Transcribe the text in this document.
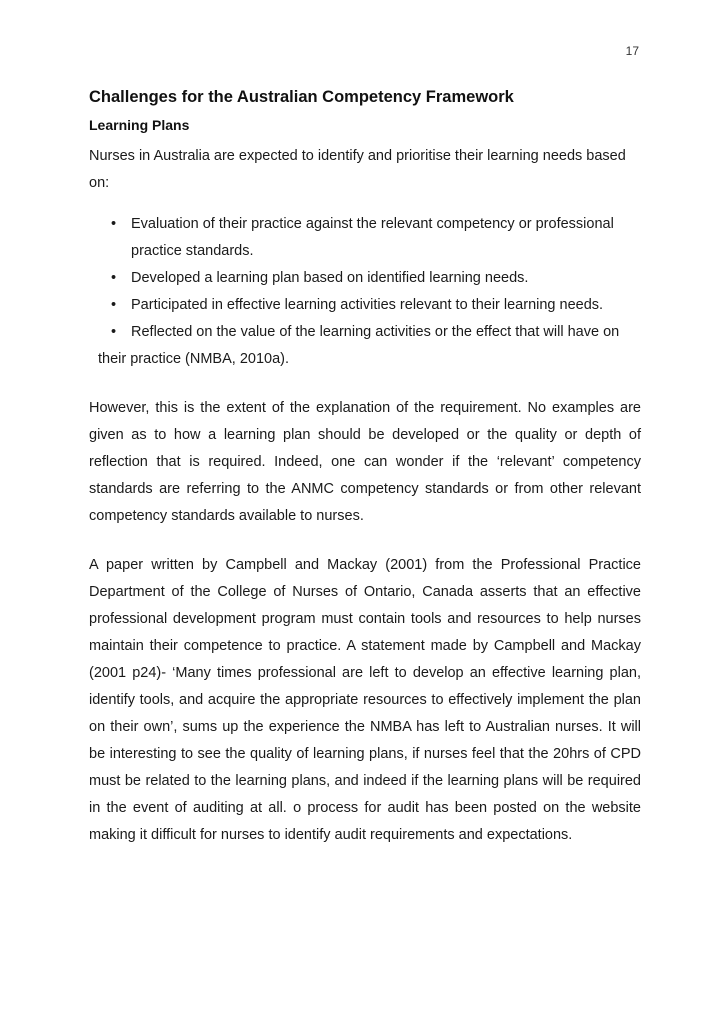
17
Challenges for the Australian Competency Framework
Learning Plans

Nurses in Australia are expected to identify and prioritise their learning needs based on:

• Evaluation of their practice against the relevant competency or professional practice standards.
• Developed a learning plan based on identified learning needs.
• Participated in effective learning activities relevant to their learning needs.
• Reflected on the value of the learning activities or the effect that will have on
their practice (NMBA, 2010a).

However, this is the extent of the explanation of the requirement. No examples are given as to how a learning plan should be developed or the quality or depth of reflection that is required. Indeed, one can wonder if the ‘relevant’ competency standards are referring to the ANMC competency standards or from other relevant competency standards available to nurses.

A paper written by Campbell and Mackay (2001) from the Professional Practice Department of the College of Nurses of Ontario, Canada asserts that an effective professional development program must contain tools and resources to help nurses maintain their competence to practice. A statement made by Campbell and Mackay (2001 p24)- ‘Many times professional are left to develop an effective learning plan, identify tools, and acquire the appropriate resources to effectively implement the plan on their own’, sums up the experience the NMBA has left to Australian nurses. It will be interesting to see the quality of learning plans, if nurses feel that the 20hrs of CPD must be related to the learning plans, and indeed if the learning plans will be required in the event of auditing at all. o process for audit has been posted on the website making it difficult for nurses to identify audit requirements and expectations.
